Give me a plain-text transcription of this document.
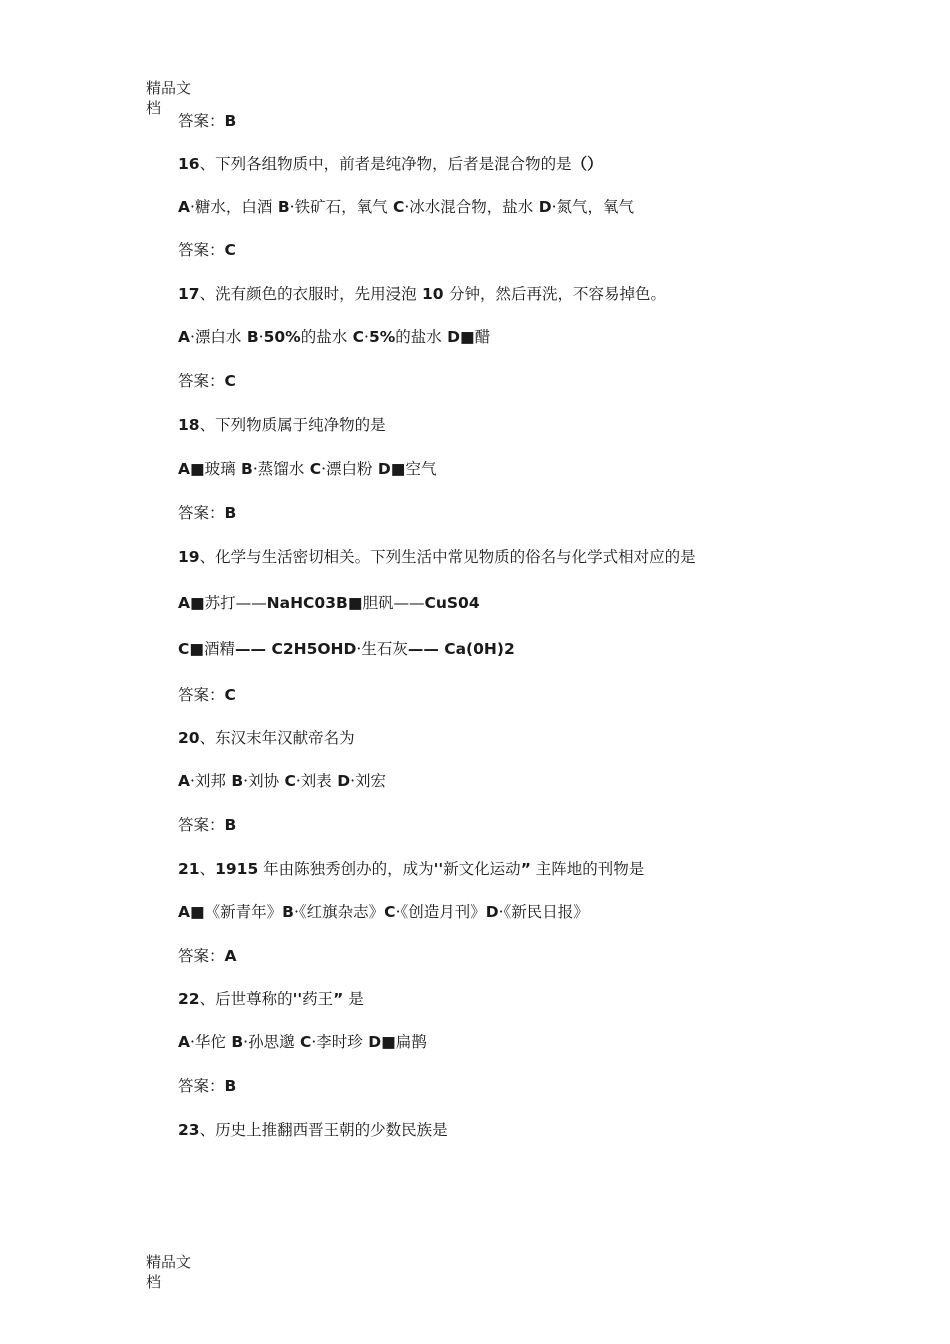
精品文
档
答案：B
16、下列各组物质中，前者是纯净物，后者是混合物的是（）
A·糖水，白酒 B·铁矿石，氧气 C·冰水混合物，盐水 D·氮气，氧气
答案：C
17、洗有颜色的衣服时，先用浸泡 10 分钟，然后再洗，不容易掉色。
A·漂白水 B·50%的盐水 C·5%的盐水 D■醋
答案：C
18、下列物质属于纯净物的是
A■玻璃 B·蒸馏水 C·漂白粉 D■空气
答案：B
19、化学与生活密切相关。下列生活中常见物质的俗名与化学式相对应的是
A■苏打——NaHC03B■胆矾——CuS04
C■酒精—— C2H5OHD·生石灰—— Ca(0H)2
答案：C
20、东汉末年汉献帝名为
A·刘邦 B·刘协 C·刘表 D·刘宏
答案：B
21、1915 年由陈独秀创办的，成为''新文化运动” 主阵地的刊物是
A■《新青年》B·《红旗杂志》C·《创造月刊》D·《新民日报》
答案：A
22、后世尊称的''药王” 是
A·华佗 B·孙思邈 C·李时珍 D■扁鹊
答案：B
23、历史上推翻西晋王朝的少数民族是
精品文
档
